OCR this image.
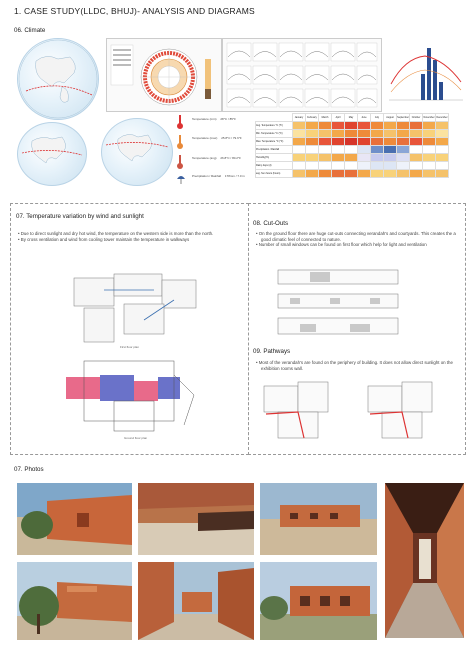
1. CASE STUDY(LLDC, BHUJ)- ANALYSIS AND DIAGRAMS
06. Climate
Temperature (min) 28°C / 85°F
Temperature (max) 25.8°C / 79.6°F
Temperature (avg) 26.8°C / 80.2°F
Precipitation / Rainfall 178mm / 7.0 in
	January	February	March	April	May	June	July	August	September	October	November	December
Avg. Temperature °C (°F)												
Min. Temperature °C (°F)												
Max. Temperature °C (°F)												
Precipitation / Rainfall												
Humidity(%)												
Rainy days (d)												
avg. Sun hours (hours)												
07. Temperature variation by wind and sunlight
• Due to direct sunlight and dry hot wind, the temperature on the western side is more than the north.
• By cross ventilation and wind from cooling tower maintain the temperature in walkways
First floor plan
Ground floor plan
08. Cut-Outs
• On the ground floor there are huge cut-outs connecting verandah's and courtyards. This creates the a good climatic feel of connected to nature.
• Number of small windows can be found on first floor which help for light and ventilation
09. Pathways
• Most of the verandah's are found on the periphery of building. It does not allow direct sunlight on the exhibition rooms wall.
07. Photos
